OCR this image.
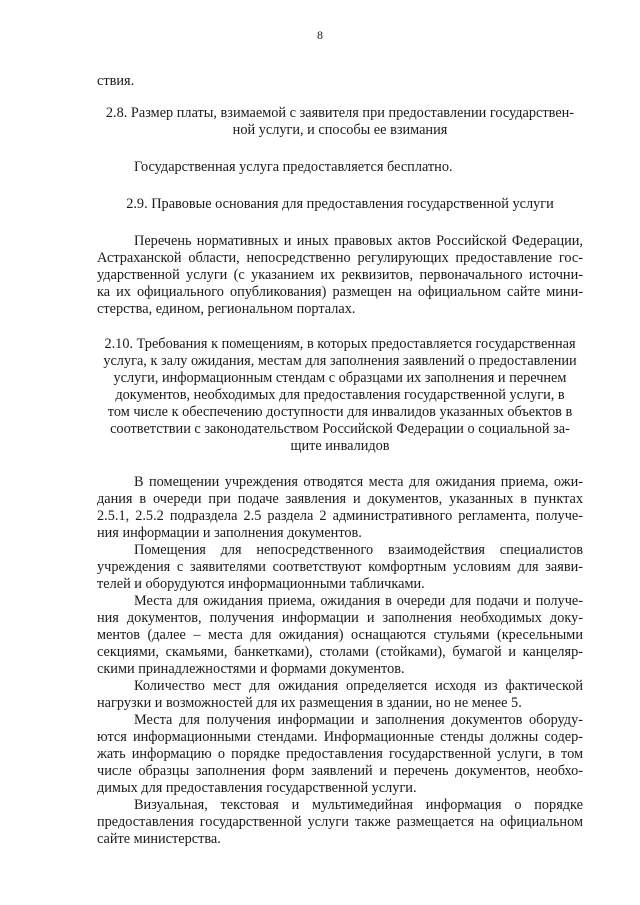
8
ствия.
2.8. Размер платы, взимаемой с заявителя при предоставлении государствен-
ной услуги, и способы ее взимания
Государственная услуга предоставляется бесплатно.
2.9. Правовые основания для предоставления государственной услуги
Перечень нормативных и иных правовых актов Российской Федерации,
Астраханской области, непосредственно регулирующих предоставление гос-
ударственной услуги (с указанием их реквизитов, первоначального источни-
ка их официального опубликования) размещен на официальном сайте мини-
стерства, едином, региональном порталах.
2.10. Требования к помещениям, в которых предоставляется государственная
услуга, к залу ожидания, местам для заполнения заявлений о предоставлении
услуги, информационным стендам с образцами их заполнения и перечнем
документов, необходимых для предоставления государственной услуги, в
том числе к обеспечению доступности для инвалидов указанных объектов в
соответствии с законодательством Российской Федерации о социальной за-
щите инвалидов
В помещении учреждения отводятся места для ожидания приема, ожи-
дания в очереди при подаче заявления и документов, указанных в пунктах
2.5.1, 2.5.2 подраздела 2.5 раздела 2 административного регламента, получе-
ния информации и заполнения документов.
Помещения для непосредственного взаимодействия специалистов
учреждения с заявителями соответствуют комфортным условиям для заяви-
телей и оборудуются информационными табличками.
Места для ожидания приема, ожидания в очереди для подачи и получе-
ния документов, получения информации и заполнения необходимых доку-
ментов (далее – места для ожидания) оснащаются стульями (кресельными
секциями, скамьями, банкетками), столами (стойками), бумагой и канцеляр-
скими принадлежностями и формами документов.
Количество мест для ожидания определяется исходя из фактической
нагрузки и возможностей для их размещения в здании, но не менее 5.
Места для получения информации и заполнения документов оборуду-
ются информационными стендами. Информационные стенды должны содер-
жать информацию о порядке предоставления государственной услуги, в том
числе образцы заполнения форм заявлений и перечень документов, необхо-
димых для предоставления государственной услуги.
Визуальная, текстовая и мультимедийная информация о порядке
предоставления государственной услуги также размещается на официальном
сайте министерства.
